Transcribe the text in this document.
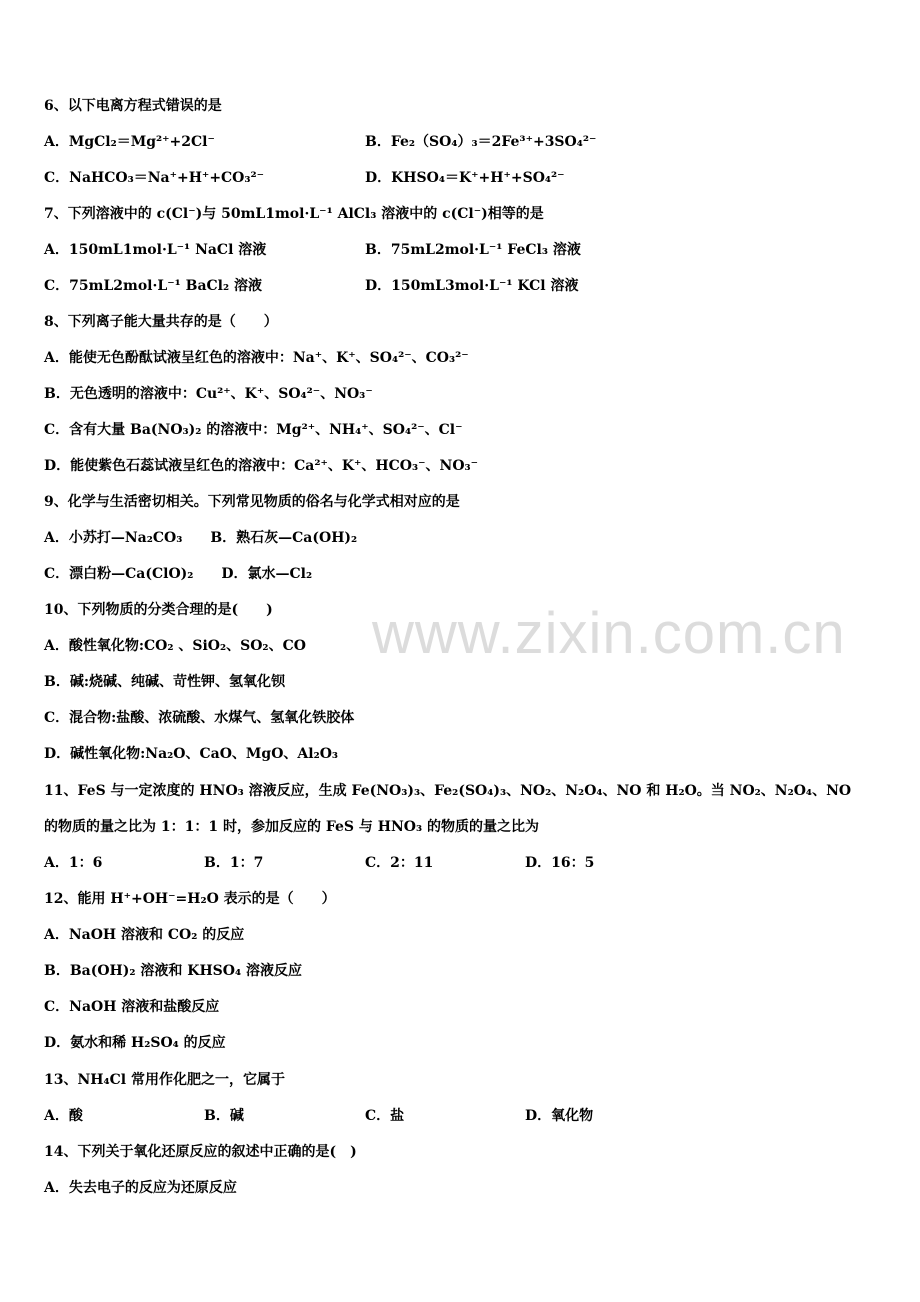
www.zixin.com.cn
6、以下电离方程式错误的是
7、下列溶液中的 c(Cl⁻)与 50mL1mol·L⁻¹ AlCl₃ 溶液中的 c(Cl⁻)相等的是
8、下列离子能大量共存的是（　　）
A．能使无色酚酞试液呈红色的溶液中：Na⁺、K⁺、SO₄²⁻、CO₃²⁻
B．无色透明的溶液中：Cu²⁺、K⁺、SO₄²⁻、NO₃⁻
C．含有大量 Ba(NO₃)₂ 的溶液中：Mg²⁺、NH₄⁺、SO₄²⁻、Cl⁻
D．能使紫色石蕊试液呈红色的溶液中：Ca²⁺、K⁺、HCO₃⁻、NO₃⁻
9、化学与生活密切相关。下列常见物质的俗名与化学式相对应的是
A．小苏打—Na₂CO₃　　B．熟石灰—Ca(OH)₂
C．漂白粉—Ca(ClO)₂　　D．氯水—Cl₂
10、下列物质的分类合理的是(　　)
A．酸性氧化物:CO₂ 、SiO₂、SO₂、CO
B．碱:烧碱、纯碱、苛性钾、氢氧化钡
C．混合物:盐酸、浓硫酸、水煤气、氢氧化铁胶体
D．碱性氧化物:Na₂O、CaO、MgO、Al₂O₃
11、FeS 与一定浓度的 HNO₃ 溶液反应，生成 Fe(NO₃)₃、Fe₂(SO₄)₃、NO₂、N₂O₄、NO 和 H₂O。当 NO₂、N₂O₄、NO
的物质的量之比为 1：1：1 时，参加反应的 FeS 与 HNO₃ 的物质的量之比为
12、能用 H⁺+OH⁻=H₂O 表示的是（　　）
A．NaOH 溶液和 CO₂ 的反应
B．Ba(OH)₂ 溶液和 KHSO₄ 溶液反应
C．NaOH 溶液和盐酸反应
D．氨水和稀 H₂SO₄ 的反应
13、NH₄Cl 常用作化肥之一，它属于
14、下列关于氧化还原反应的叙述中正确的是(　)
A．失去电子的反应为还原反应
A．MgCl₂＝Mg²⁺+2Cl⁻	B．Fe₂（SO₄）₃＝2Fe³⁺+3SO₄²⁻
C．NaHCO₃＝Na⁺+H⁺+CO₃²⁻	D．KHSO₄＝K⁺+H⁺+SO₄²⁻
A．150mL1mol·L⁻¹ NaCl 溶液	B．75mL2mol·L⁻¹ FeCl₃ 溶液
C．75mL2mol·L⁻¹ BaCl₂ 溶液	D．150mL3mol·L⁻¹ KCl 溶液
A．1：6	B．1：7	C．2：11	D．16：5
A．酸	B．碱	C．盐	D．氧化物
